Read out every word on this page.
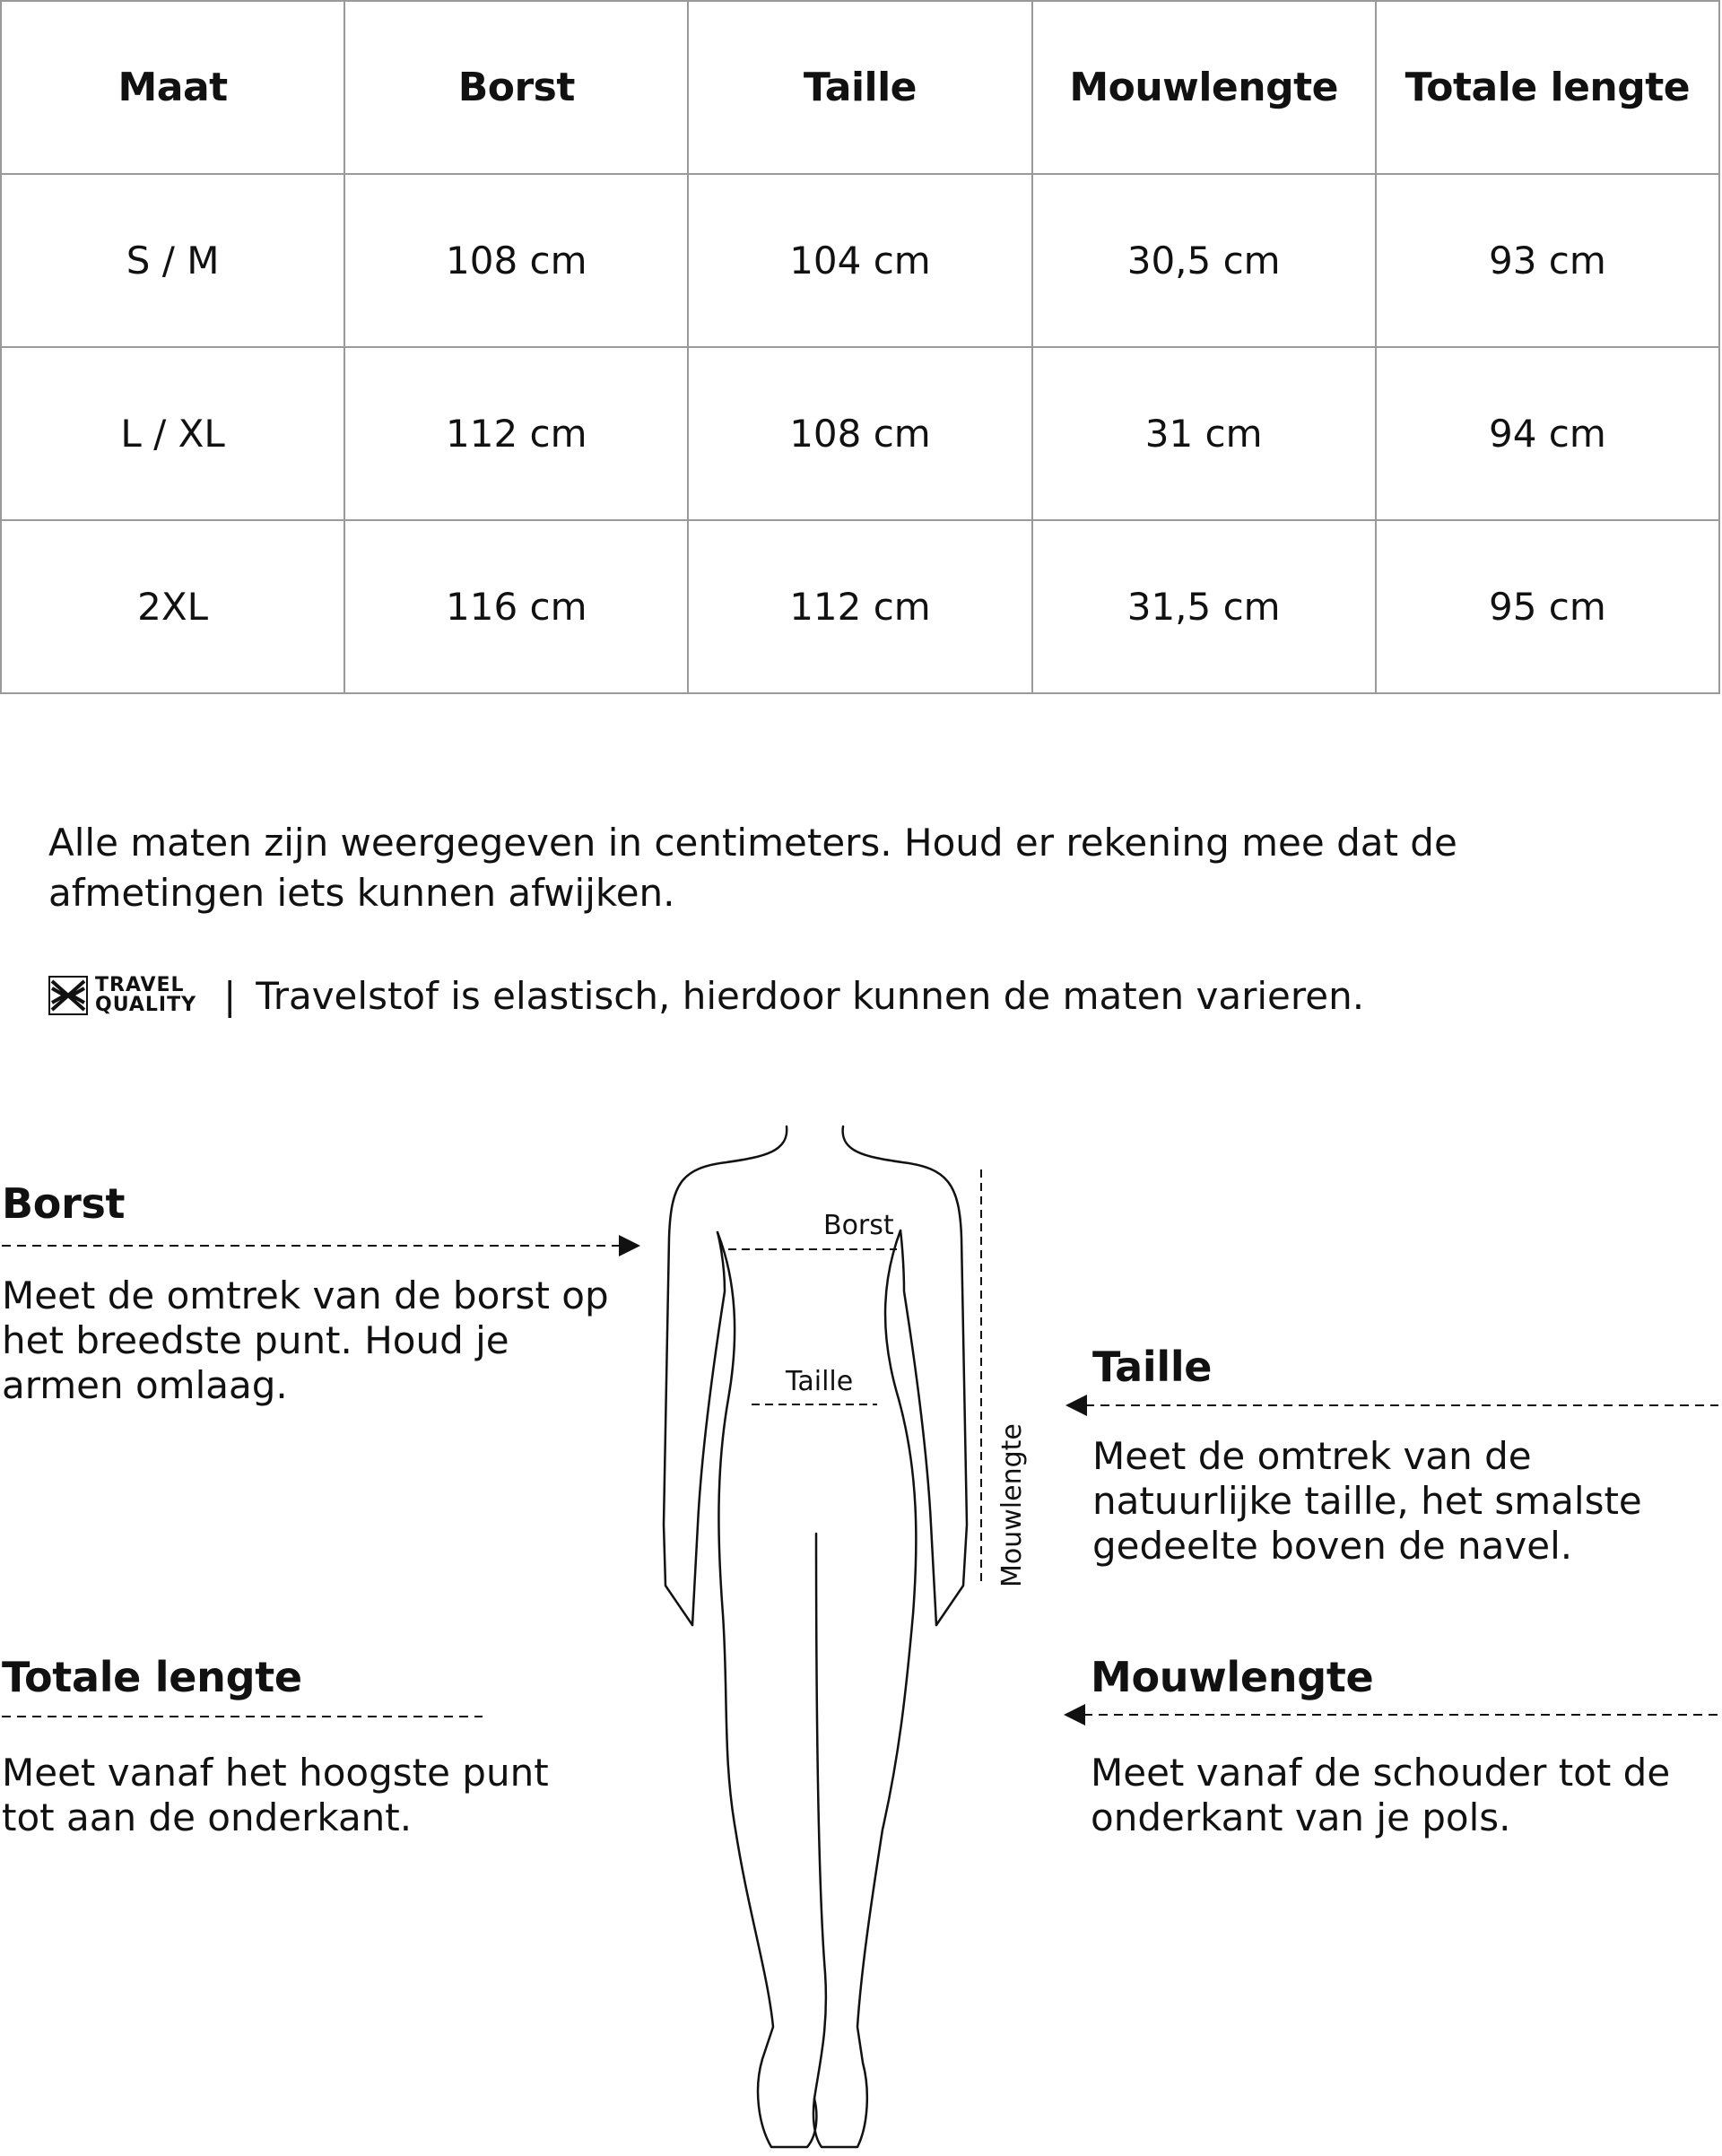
Maat	Borst	Taille	Mouwlengte	Totale lengte
S / M	108 cm	104 cm	30,5 cm	93 cm
L / XL	112 cm	108 cm	31 cm	94 cm
2XL	116 cm	112 cm	31,5 cm	95 cm
Alle maten zijn weergegeven in centimeters. Houd er rekening mee dat de afmetingen iets kunnen afwijken.
TRAVEL
QUALITY | Travelstof is elastisch, hierdoor kunnen de maten varieren.
Borst
Meet de omtrek van de borst op het breedste punt. Houd je armen omlaag.	Taille
Meet de omtrek van de natuurlijke taille, het smalste gedeelte boven de navel.
Totale lengte
Meet vanaf het hoogste punt tot aan de onderkant.
Mouwlengte
Meet vanaf de schouder tot de onderkant van je pols.
Borst
Taille
Mouwlengte
